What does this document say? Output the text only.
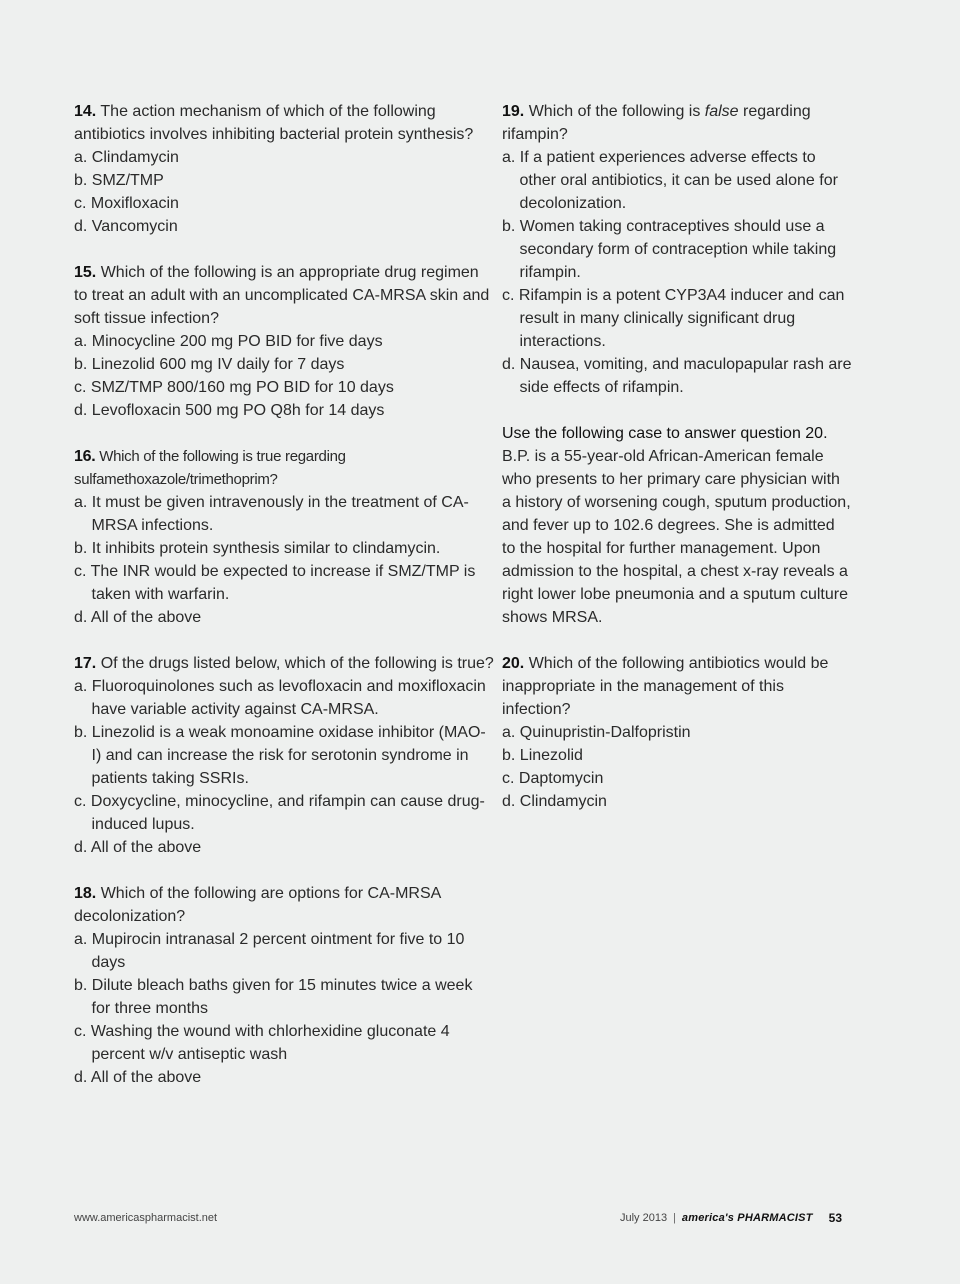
14. The action mechanism of which of the following antibiotics involves inhibiting bacterial protein synthesis?

a. Clindamycin

b. SMZ/TMP

c. Moxifloxacin

d. Vancomycin

15. Which of the following is an appropriate drug regimen to treat an adult with an uncomplicated CA-MRSA skin and soft tissue infection?

a. Minocycline 200 mg PO BID for five days

b. Linezolid 600 mg IV daily for 7 days

c. SMZ/TMP 800/160 mg PO BID for 10 days

d. Levofloxacin 500 mg PO Q8h for 14 days

16. Which of the following is true regarding sulfamethoxazole/trimethoprim?

a. It must be given intravenously in the treatment of CA-MRSA infections.

b. It inhibits protein synthesis similar to clindamycin.

c. The INR would be expected to increase if SMZ/TMP is taken with warfarin.

d. All of the above

17. Of the drugs listed below, which of the following is true?

a. Fluoroquinolones such as levofloxacin and moxifloxacin have variable activity against CA-MRSA.

b. Linezolid is a weak monoamine oxidase inhibitor (MAO-I) and can increase the risk for serotonin syndrome in patients taking SSRIs.

c. Doxycycline, minocycline, and rifampin can cause drug-induced lupus.

d. All of the above

18. Which of the following are options for CA-MRSA decolonization?

a. Mupirocin intranasal 2 percent ointment for five to 10 days

b. Dilute bleach baths given for 15 minutes twice a week for three months

c. Washing the wound with chlorhexidine gluconate 4 percent w/v antiseptic wash

d. All of the above

19. Which of the following is false regarding rifampin?

a. If a patient experiences adverse effects to other oral antibiotics, it can be used alone for decolonization.

b. Women taking contraceptives should use a secondary form of contraception while taking rifampin.

c. Rifampin is a potent CYP3A4 inducer and can result in many clinically significant drug interactions.

d. Nausea, vomiting, and maculopapular rash are side effects of rifampin.

Use the following case to answer question 20.

B.P. is a 55-year-old African-American female who presents to her primary care physician with a history of worsening cough, sputum production, and fever up to 102.6 degrees. She is admitted to the hospital for further management. Upon admission to the hospital, a chest x-ray reveals a right lower lobe pneumonia and a sputum culture shows MRSA.

20. Which of the following antibiotics would be inappropriate in the management of this infection?

a. Quinupristin-Dalfopristin

b. Linezolid

c. Daptomycin

d. Clindamycin

www.americaspharmacist.net	July 2013 | america's PHARMACIST 53
